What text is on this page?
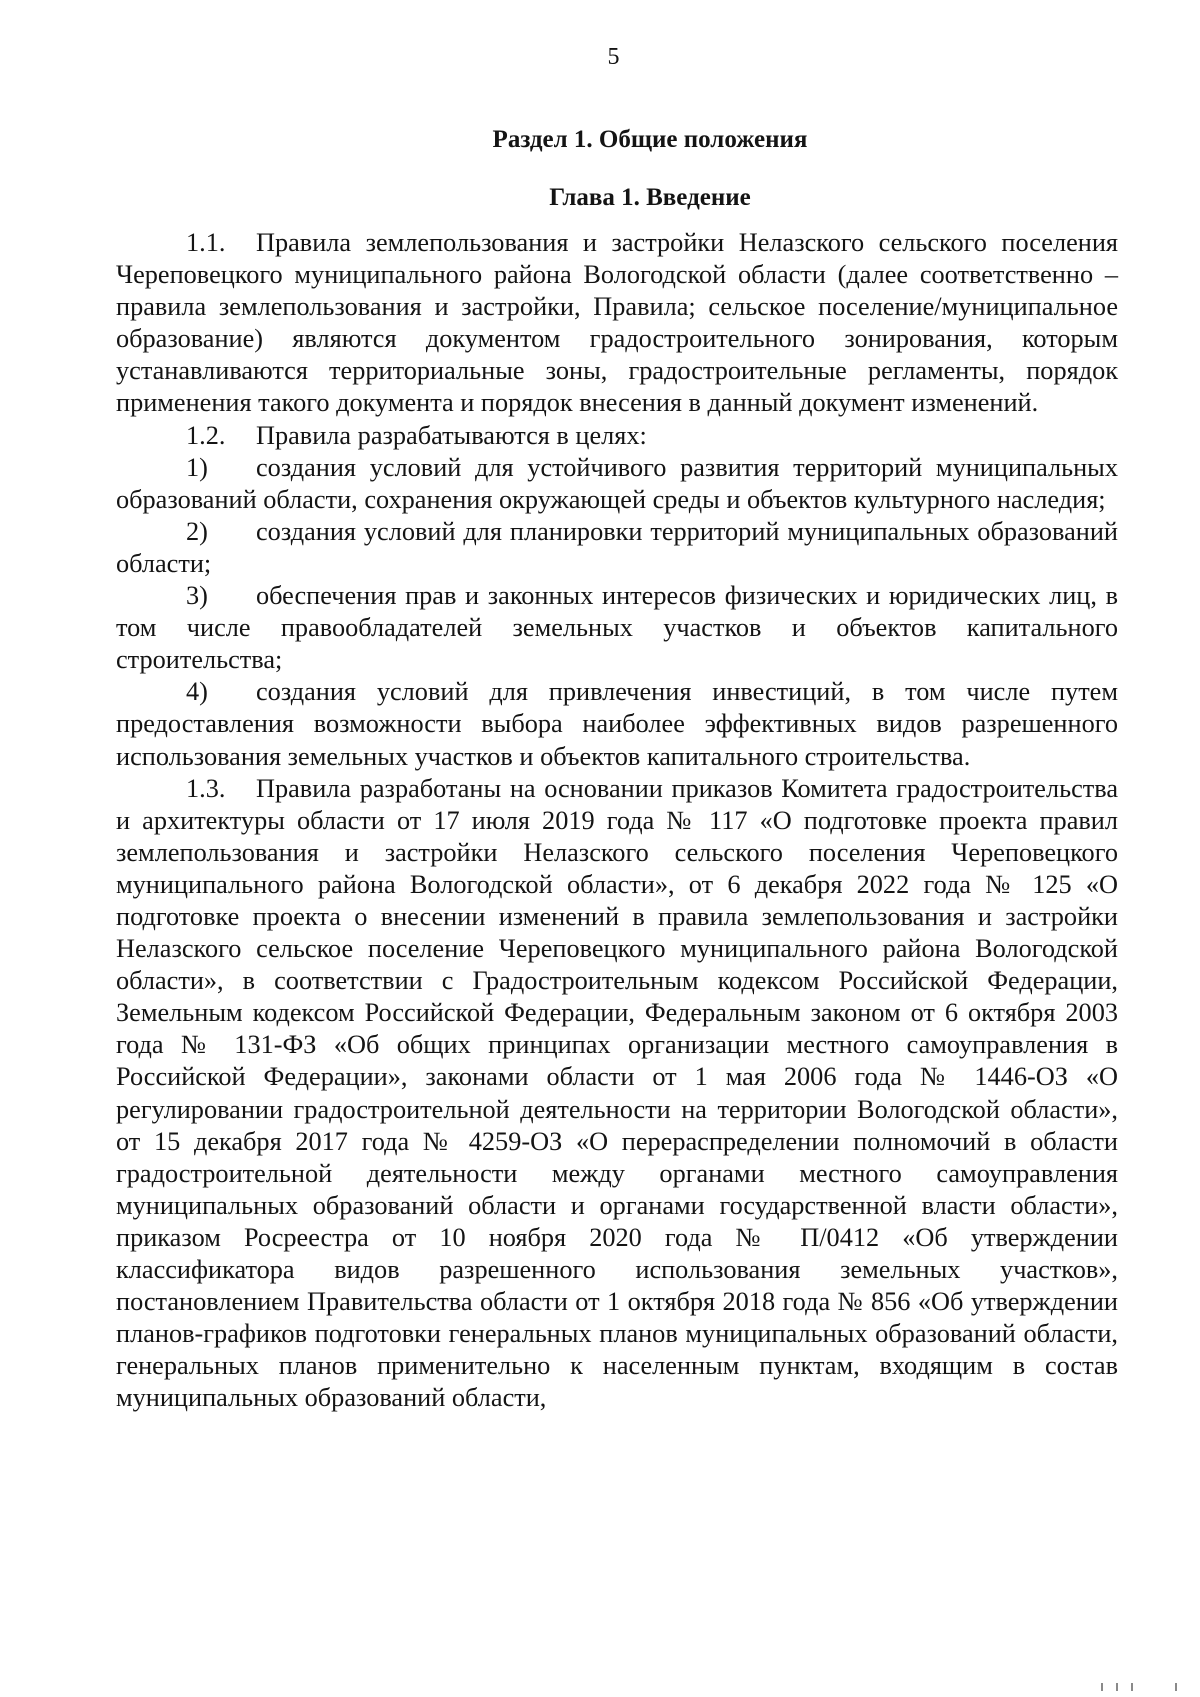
5
Раздел 1. Общие положения
Глава 1. Введение

1.1. Правила землепользования и застройки Нелазского сельского поселения Череповецкого муниципального района Вологодской области (далее соответственно – правила землепользования и застройки, Правила; сельское поселение/муниципальное образование) являются документом градостроительного зонирования, которым устанавливаются территориальные зоны, градостроительные регламенты, порядок применения такого документа и порядок внесения в данный документ изменений.

1.2. Правила разрабатываются в целях:

1) создания условий для устойчивого развития территорий муниципальных образований области, сохранения окружающей среды и объектов культурного наследия;

2) создания условий для планировки территорий муниципальных образований области;

3) обеспечения прав и законных интересов физических и юридических лиц, в том числе правообладателей земельных участков и объектов капитального строительства;

4) создания условий для привлечения инвестиций, в том числе путем предоставления возможности выбора наиболее эффективных видов разрешенного использования земельных участков и объектов капитального строительства.

1.3. Правила разработаны на основании приказов Комитета градостроительства и архитектуры области от 17 июля 2019 года № 117 «О подготовке проекта правил землепользования и застройки Нелазского сельского поселения Череповецкого муниципального района Вологодской области», от 6 декабря 2022 года № 125 «О подготовке проекта о внесении изменений в правила землепользования и застройки Нелазского сельское поселение Череповецкого муниципального района Вологодской области», в соответствии с Градостроительным кодексом Российской Федерации, Земельным кодексом Российской Федерации, Федеральным законом от 6 октября 2003 года № 131-ФЗ «Об общих принципах организации местного самоуправления в Российской Федерации», законами области от 1 мая 2006 года № 1446-ОЗ «О регулировании градостроительной деятельности на территории Вологодской области», от 15 декабря 2017 года № 4259-ОЗ «О перераспределении полномочий в области градостроительной деятельности между органами местного самоуправления муниципальных образований области и органами государственной власти области», приказом Росреестра от 10 ноября 2020 года № П/0412 «Об утверждении классификатора видов разрешенного использования земельных участков», постановлением Правительства области от 1 октября 2018 года № 856 «Об утверждении планов-графиков подготовки генеральных планов муниципальных образований области, генеральных планов применительно к населенным пунктам, входящим в состав муниципальных образований области,
